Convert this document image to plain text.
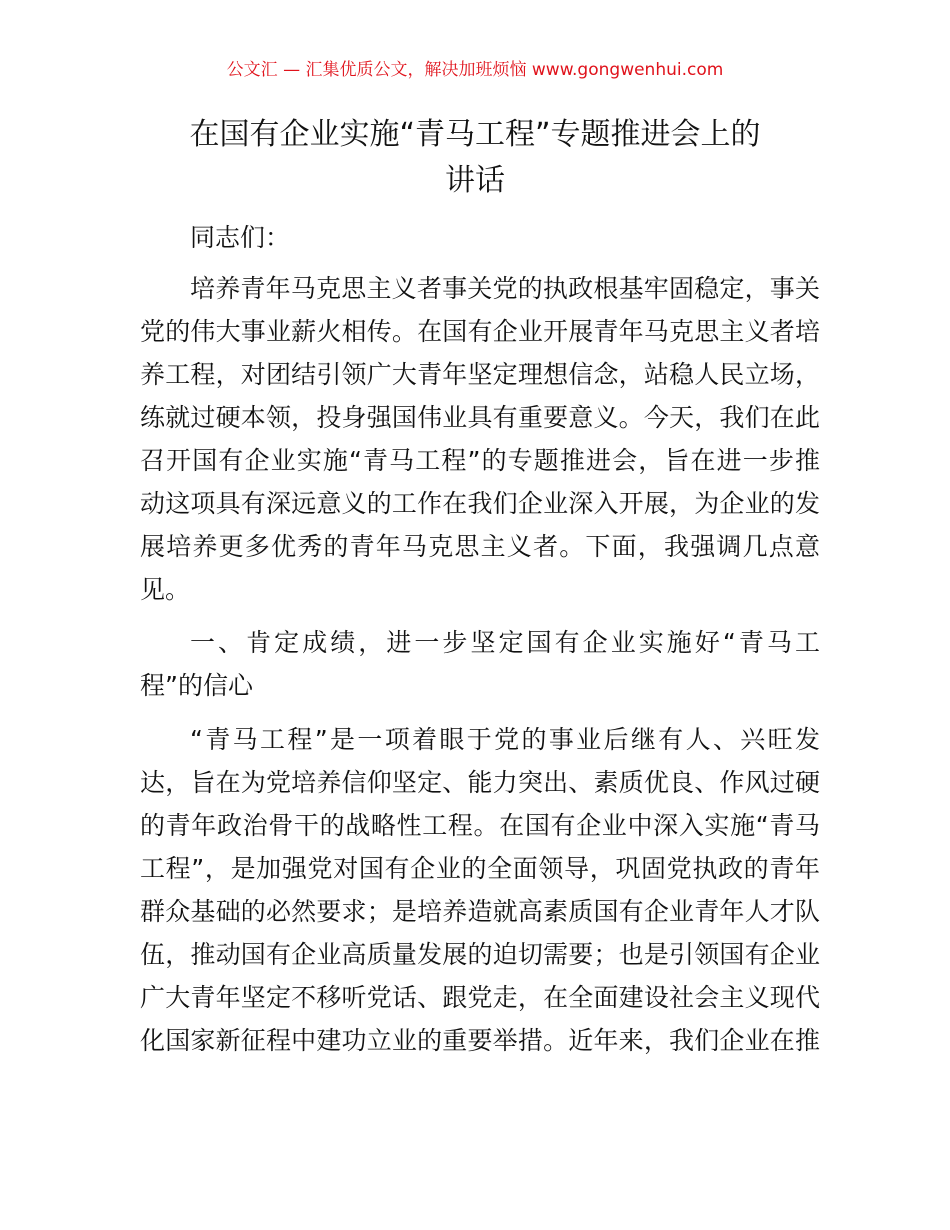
公文汇 — 汇集优质公文，解决加班烦恼 www.gongwenhui.com
在国有企业实施“青马工程”专题推进会上的
讲话
同志们：
培养青年马克思主义者事关党的执政根基牢固稳定，事关
党的伟大事业薪火相传。在国有企业开展青年马克思主义者培
养工程，对团结引领广大青年坚定理想信念，站稳人民立场，
练就过硬本领，投身强国伟业具有重要意义。今天，我们在此
召开国有企业实施“青马工程”的专题推进会，旨在进一步推
动这项具有深远意义的工作在我们企业深入开展，为企业的发
展培养更多优秀的青年马克思主义者。下面，我强调几点意
见。
一、肯定成绩，进一步坚定国有企业实施好“青马工
程”的信心
“青马工程”是一项着眼于党的事业后继有人、兴旺发
达，旨在为党培养信仰坚定、能力突出、素质优良、作风过硬
的青年政治骨干的战略性工程。在国有企业中深入实施“青马
工程”，是加强党对国有企业的全面领导，巩固党执政的青年
群众基础的必然要求；是培养造就高素质国有企业青年人才队
伍，推动国有企业高质量发展的迫切需要；也是引领国有企业
广大青年坚定不移听党话、跟党走，在全面建设社会主义现代
化国家新征程中建功立业的重要举措。近年来，我们企业在推
